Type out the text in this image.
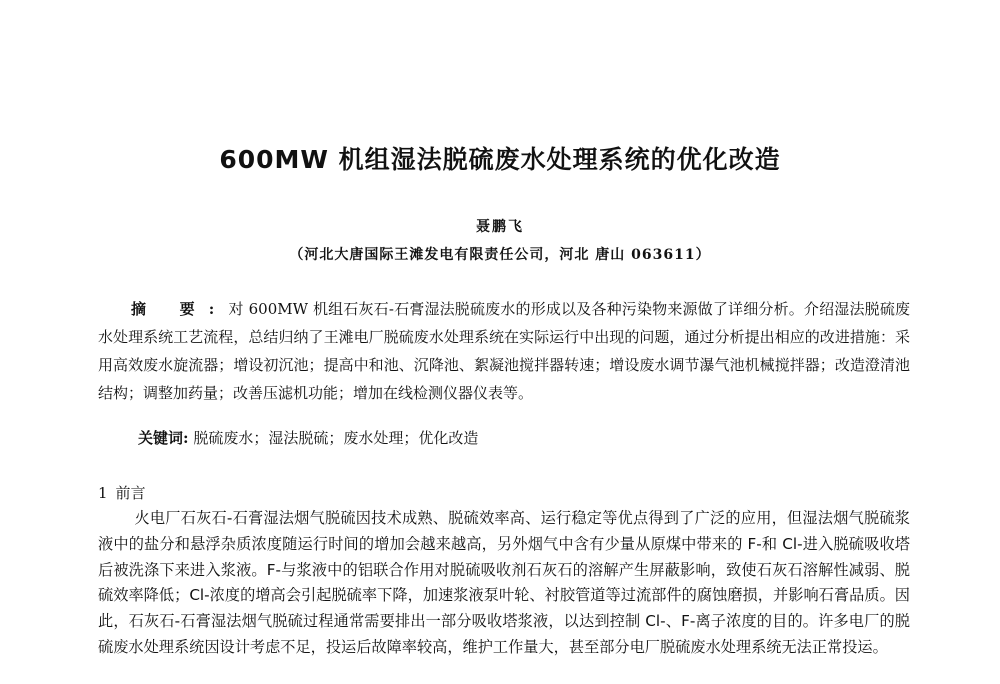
600MW 机组湿法脱硫废水处理系统的优化改造
聂鹏飞
（河北大唐国际王滩发电有限责任公司，河北 唐山 063611）
摘 要:对 600MW 机组石灰石-石膏湿法脱硫废水的形成以及各种污染物来源做了详细分析。介绍湿法脱硫废水处理系统工艺流程，总结归纳了王滩电厂脱硫废水处理系统在实际运行中出现的问题，通过分析提出相应的改进措施：采用高效废水旋流器；增设初沉池；提高中和池、沉降池、絮凝池搅拌器转速；增设废水调节瀑气池机械搅拌器；改造澄清池结构；调整加药量；改善压滤机功能；增加在线检测仪器仪表等。
关键词: 脱硫废水；湿法脱硫；废水处理；优化改造
1 前言
火电厂石灰石-石膏湿法烟气脱硫因技术成熟、脱硫效率高、运行稳定等优点得到了广泛的应用，但湿法烟气脱硫浆液中的盐分和悬浮杂质浓度随运行时间的增加会越来越高，另外烟气中含有少量从原煤中带来的 F-和 Cl-进入脱硫吸收塔后被洗涤下来进入浆液。F-与浆液中的铝联合作用对脱硫吸收剂石灰石的溶解产生屏蔽影响，致使石灰石溶解性减弱、脱硫效率降低；Cl-浓度的增高会引起脱硫率下降，加速浆液泵叶轮、衬胶管道等过流部件的腐蚀磨损，并影响石膏品质。因此，石灰石-石膏湿法烟气脱硫过程通常需要排出一部分吸收塔浆液，以达到控制 Cl-、F-离子浓度的目的。许多电厂的脱硫废水处理系统因设计考虑不足，投运后故障率较高，维护工作量大，甚至部分电厂脱硫废水处理系统无法正常投运。
